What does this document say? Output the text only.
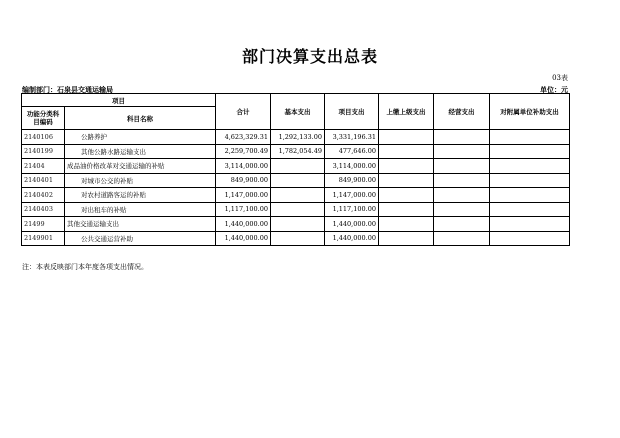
部门决算支出总表
03表
编制部门：石泉县交通运输局	单位：元
项目		合计	基本支出	项目支出	上缴上级支出	经营支出	对附属单位补助支出
功能分类科目编码	科目名称						
2140106	公路养护	4,623,329.31	1,292,133.00	3,331,196.31			
2140199	其他公路水路运输支出	2,259,700.49	1,782,054.49	477,646.00			
21404	成品油价格改革对交通运输的补贴	3,114,000.00		3,114,000.00			
2140401	对城市公交的补贴	849,900.00		849,900.00			
2140402	对农村道路客运的补贴	1,147,000.00		1,147,000.00			
2140403	对出租车的补贴	1,117,100.00		1,117,100.00			
21499	其他交通运输支出	1,440,000.00		1,440,000.00			
2149901	公共交通运营补助	1,440,000.00		1,440,000.00			
注：本表反映部门本年度各项支出情况。
